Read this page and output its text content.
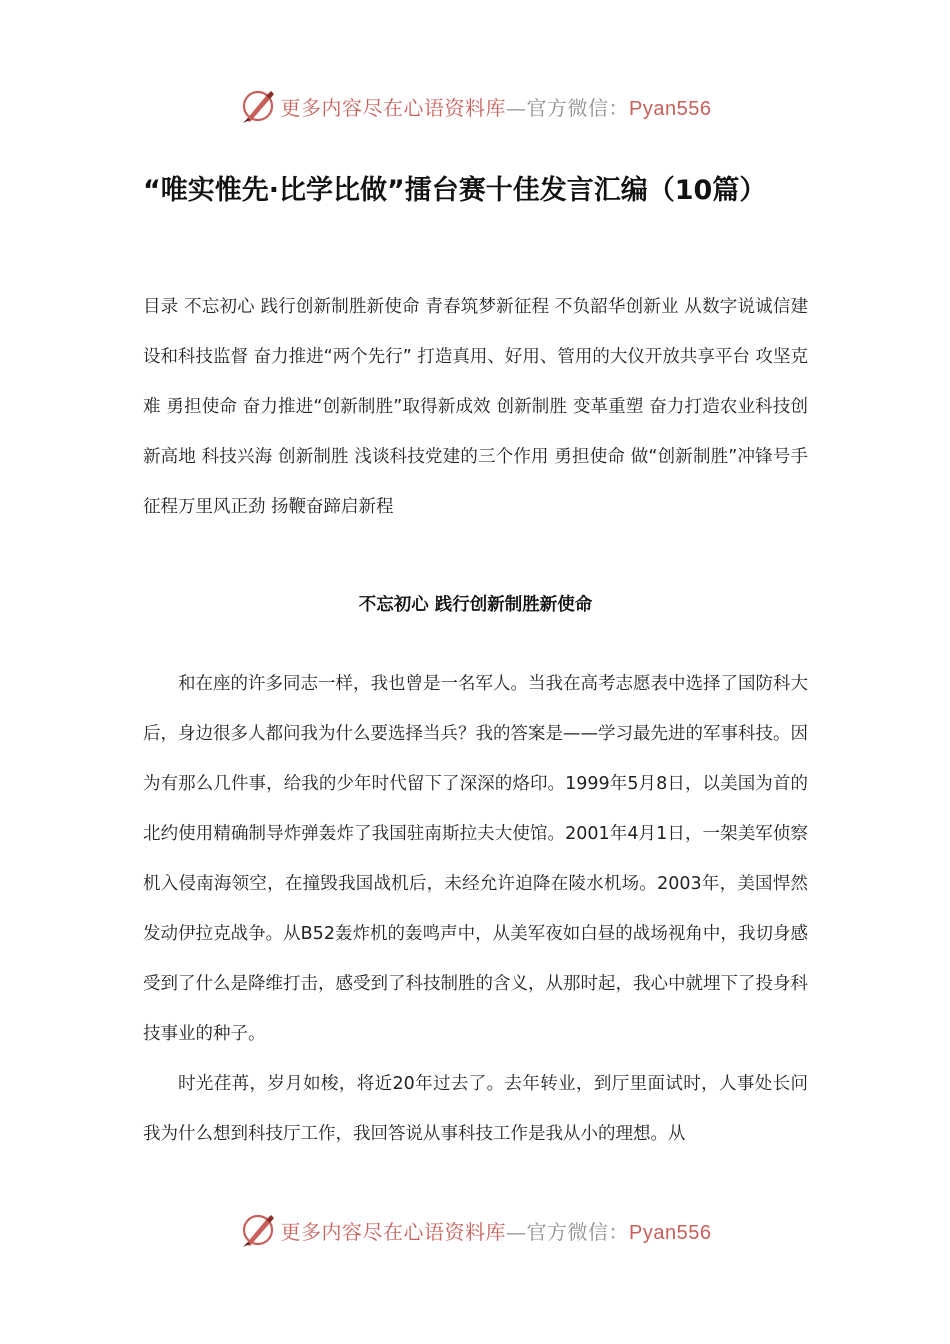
更多内容尽在心语资料库—官方微信：Pyan556
“唯实惟先·比学比做”擂台赛十佳发言汇编（10篇）

目录 不忘初心 践行创新制胜新使命 青春筑梦新征程 不负韶华创新业 从数字说诚信建设和科技监督 奋力推进“两个先行” 打造真用、好用、管用的大仪开放共享平台 攻坚克难 勇担使命 奋力推进“创新制胜”取得新成效 创新制胜 变革重塑 奋力打造农业科技创新高地 科技兴海 创新制胜 浅谈科技党建的三个作用 勇担使命 做“创新制胜”冲锋号手 征程万里风正劲 扬鞭奋蹄启新程

不忘初心 践行创新制胜新使命

和在座的许多同志一样，我也曾是一名军人。当我在高考志愿表中选择了国防科大后，身边很多人都问我为什么要选择当兵？我的答案是——学习最先进的军事科技。因为有那么几件事，给我的少年时代留下了深深的烙印。1999年5月8日，以美国为首的北约使用精确制导炸弹轰炸了我国驻南斯拉夫大使馆。2001年4月1日，一架美军侦察机入侵南海领空，在撞毁我国战机后，未经允许迫降在陵水机场。2003年，美国悍然发动伊拉克战争。从B52轰炸机的轰鸣声中，从美军夜如白昼的战场视角中，我切身感受到了什么是降维打击，感受到了科技制胜的含义，从那时起，我心中就埋下了投身科技事业的种子。

时光荏苒，岁月如梭，将近20年过去了。去年转业，到厅里面试时，人事处长问我为什么想到科技厅工作，我回答说从事科技工作是我从小的理想。从

更多内容尽在心语资料库—官方微信：Pyan556
